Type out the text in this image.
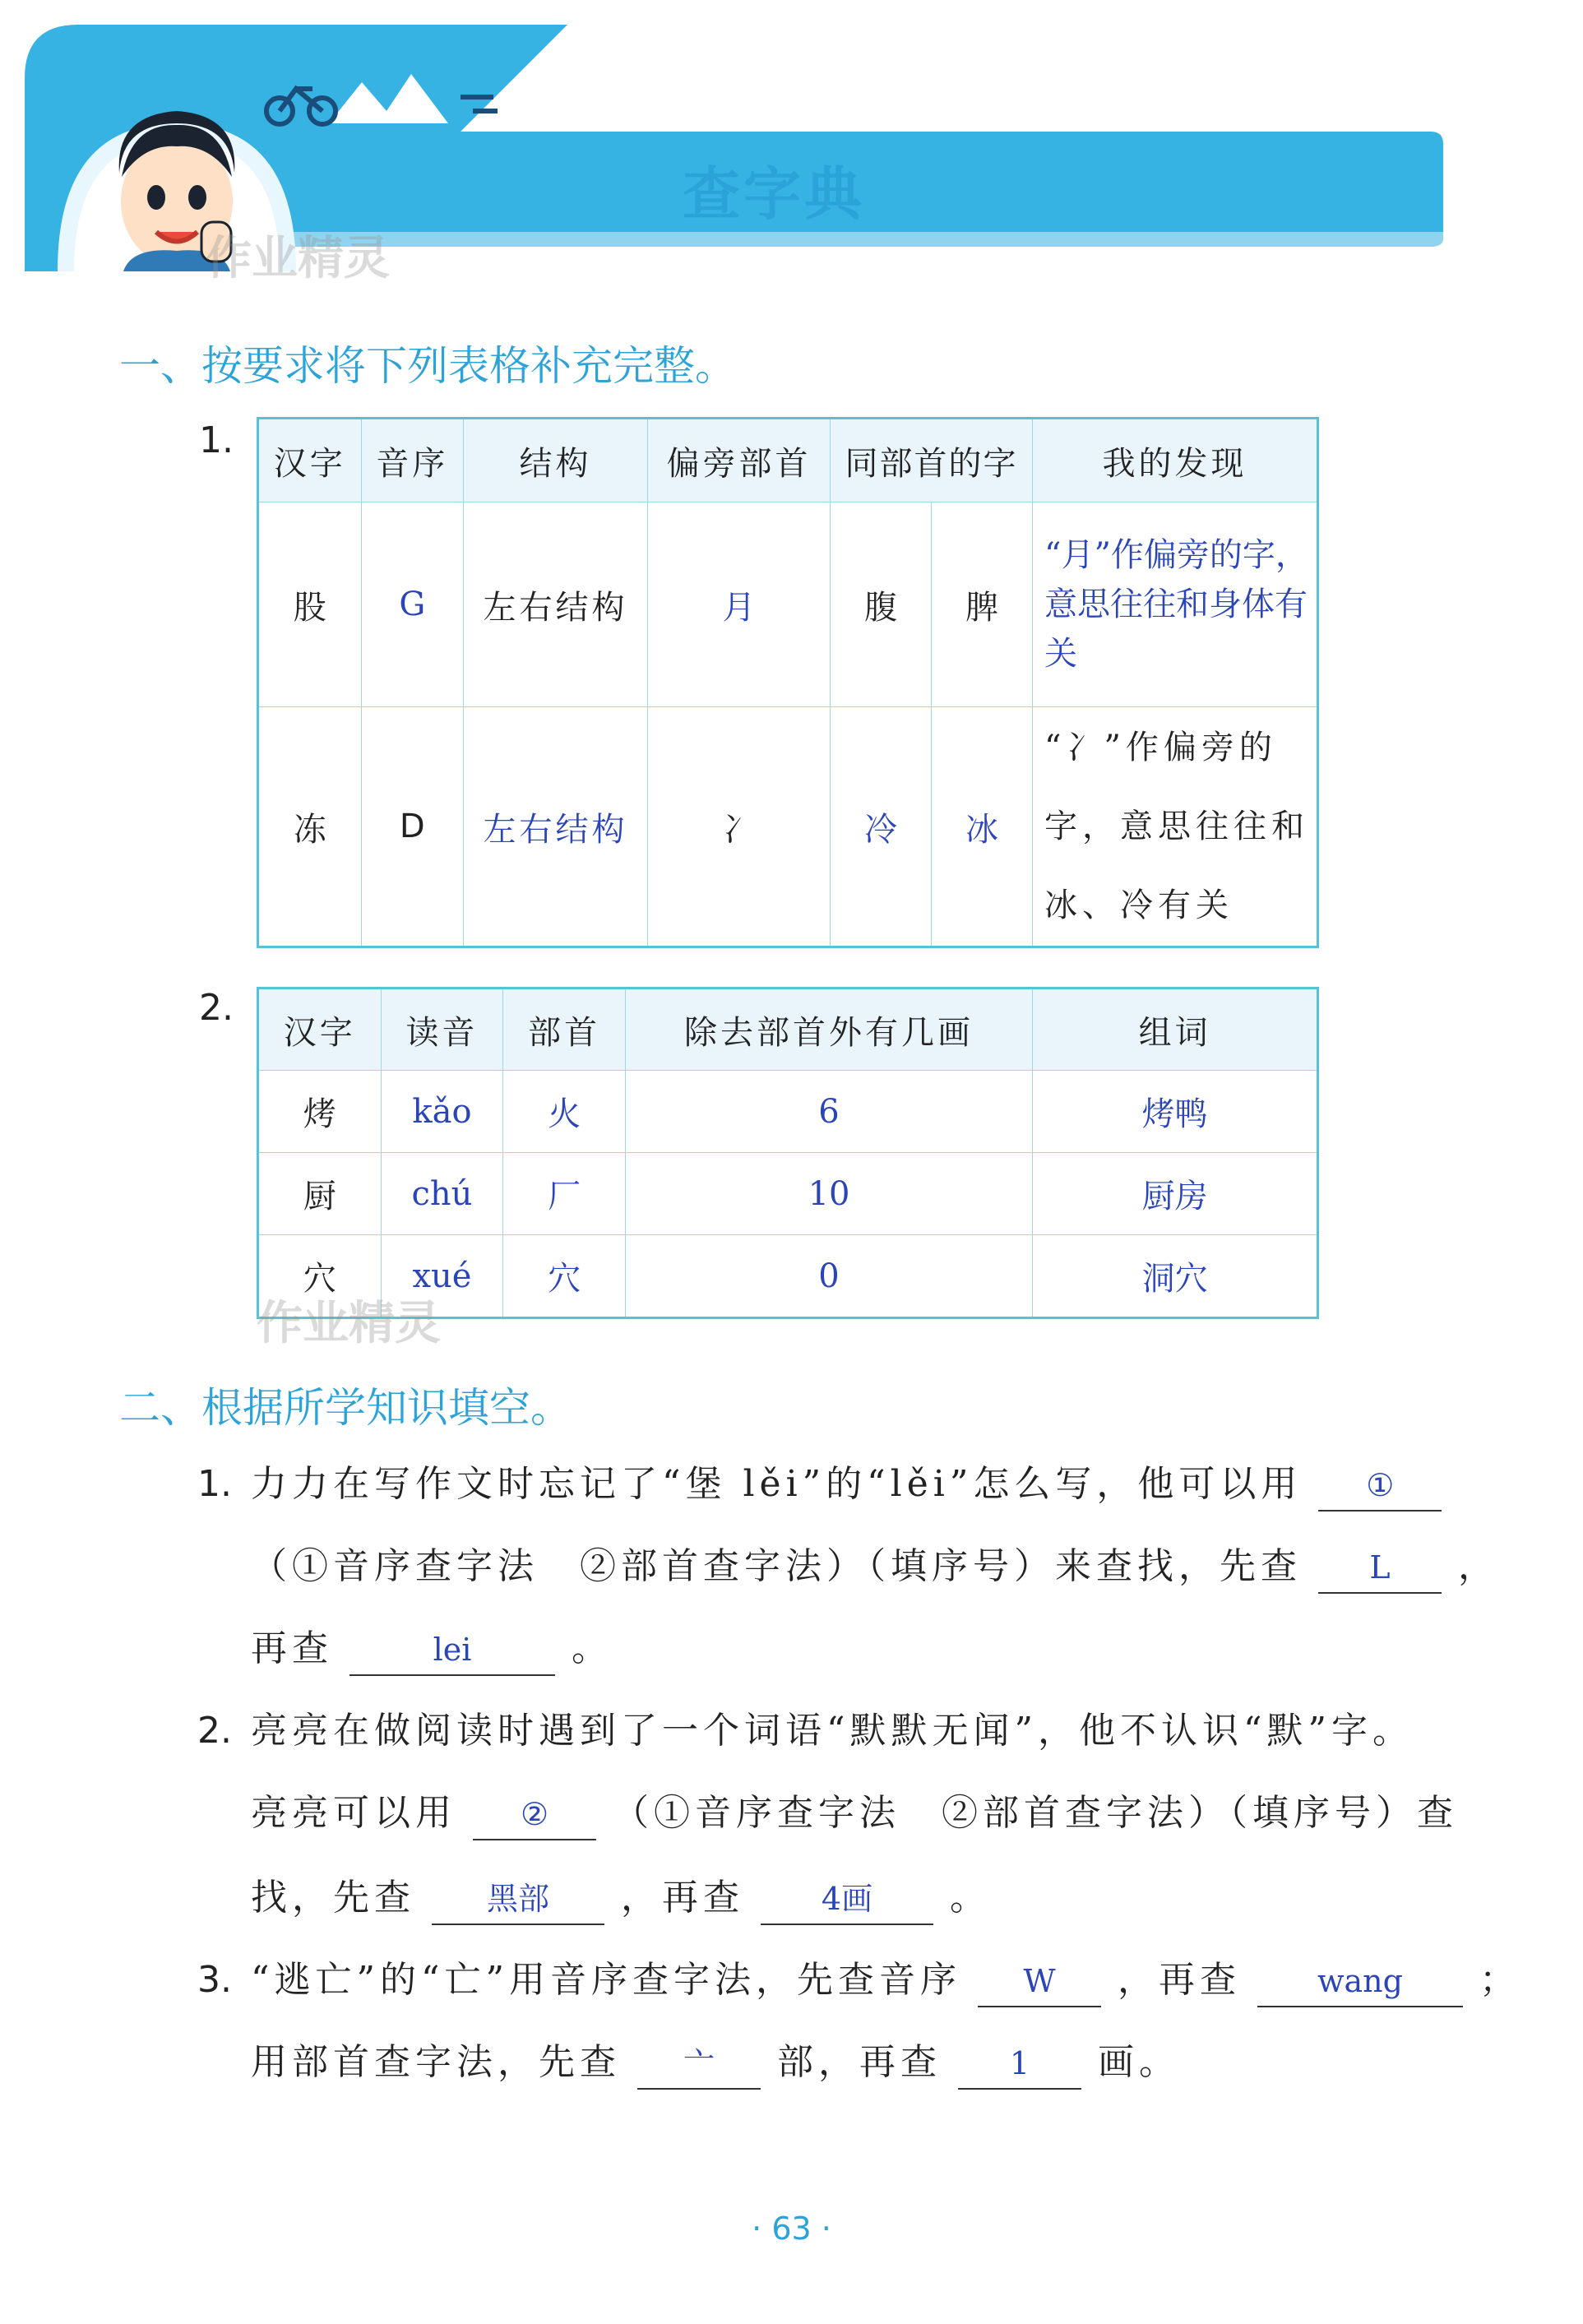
查字典
作业精灵
一、按要求将下列表格补充完整。
1.
汉字	音序	结构	偏旁部首	同部首的字		我的发现
股	G	左右结构	月	腹	脾	“月”作偏旁的字，意思往往和身体有关
冻	D	左右结构	冫	冷	冰	“冫”作偏旁的字，意思往往和冰、冷有关
2.
汉字	读音	部首	除去部首外有几画	组词
烤	kǎo	火	6	烤鸭
厨	chú	厂	10	厨房
穴	xué	穴	0	洞穴
作业精灵
二、根据所学知识填空。
1. 力力在写作文时忘记了“堡 lěi”的“lěi”怎么写，他可以用 ①
（①音序查字法　②部首查字法）（填序号）来查找，先查 L ，
再查	lei	。
2. 亮亮在做阅读时遇到了一个词语“默默无闻”，他不认识“默”字。
亮亮可以用 ② （①音序查字法　②部首查字法）（填序号）查
找，先查 黑部 ，再查 4画 。
3. “逃亡”的“亡”用音序查字法，先查音序 W ，再查 wang ；
用部首查字法，先查 亠 部，再查 1 画。
· 63 ·
